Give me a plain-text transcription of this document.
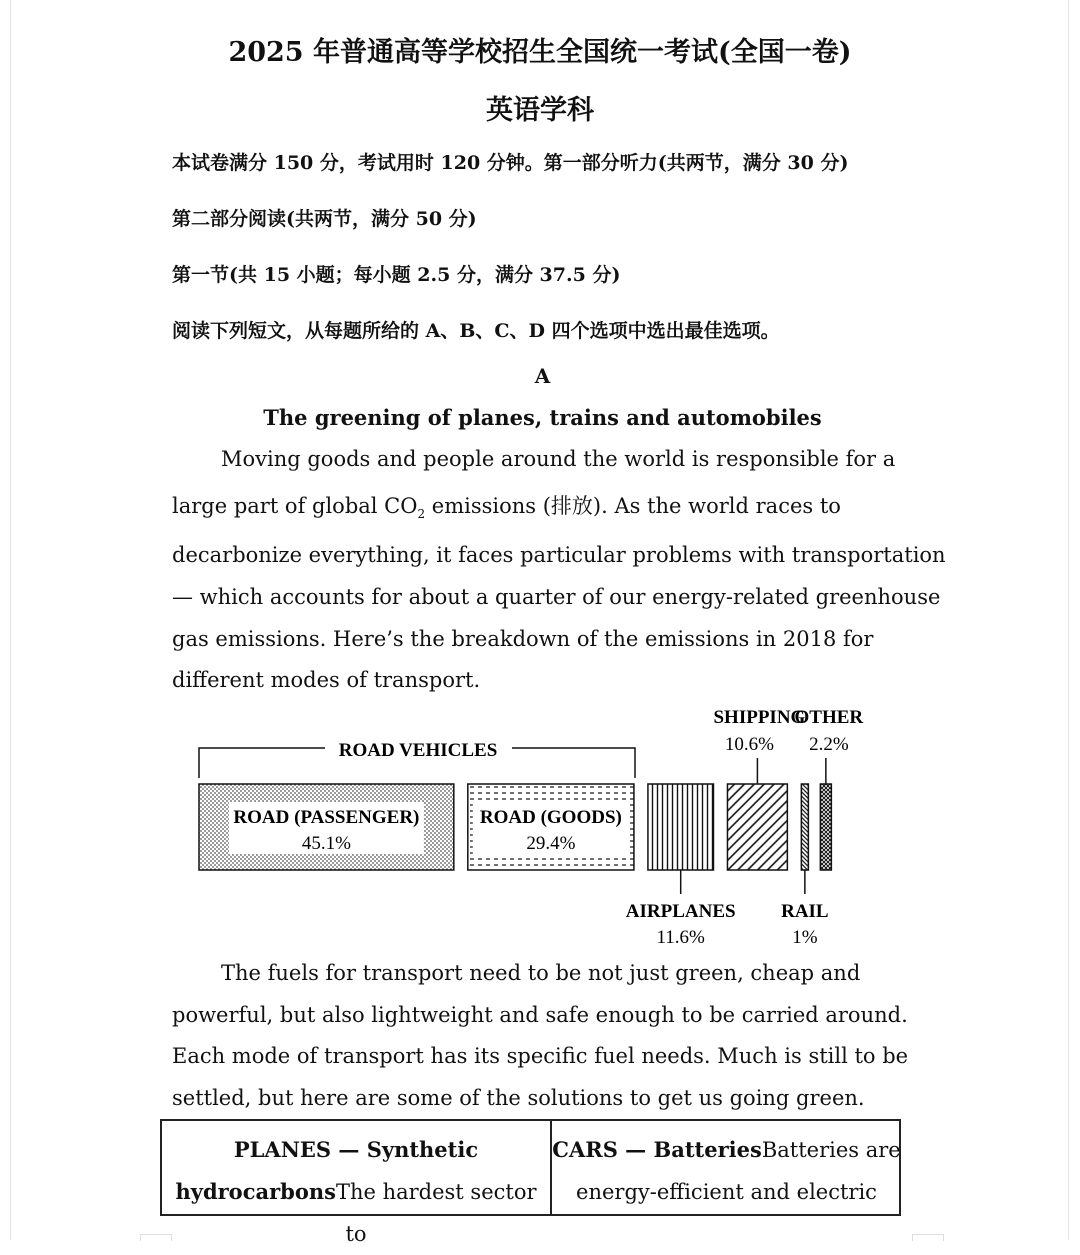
2025 年普通高等学校招生全国统一考试(全国一卷)
英语学科
本试卷满分 150 分，考试用时 120 分钟。第一部分听力(共两节，满分 30 分)
第二部分阅读(共两节，满分 50 分)
第一节(共 15 小题；每小题 2.5 分，满分 37.5 分)
阅读下列短文，从每题所给的 A、B、C、D 四个选项中选出最佳选项。
A
The greening of planes, trains and automobiles
Moving goods and people around the world is responsible for a
large part of global $CO_2$ emissions (排放). As the world races to
decarbonize everything, it faces particular problems with transportation
— which accounts for about a quarter of our energy-related greenhouse
gas emissions. Here’s the breakdown of the emissions in 2018 for
different modes of transport.
ROAD VEHICLES
ROAD (PASSENGER)
45.1%
ROAD (GOODS)
29.4%
AIRPLANES
11.6%
SHIPPING
10.6%
RAIL
1%
OTHER
2.2%
The fuels for transport need to be not just green, cheap and
powerful, but also lightweight and safe enough to be carried around.
Each mode of transport has its specific fuel needs. Much is still to be
settled, but here are some of the solutions to get us going green.
PLANES — Synthetic
hydrocarbonsThe hardest sector to
CARS — BatteriesBatteries are
energy-efficient and electric
